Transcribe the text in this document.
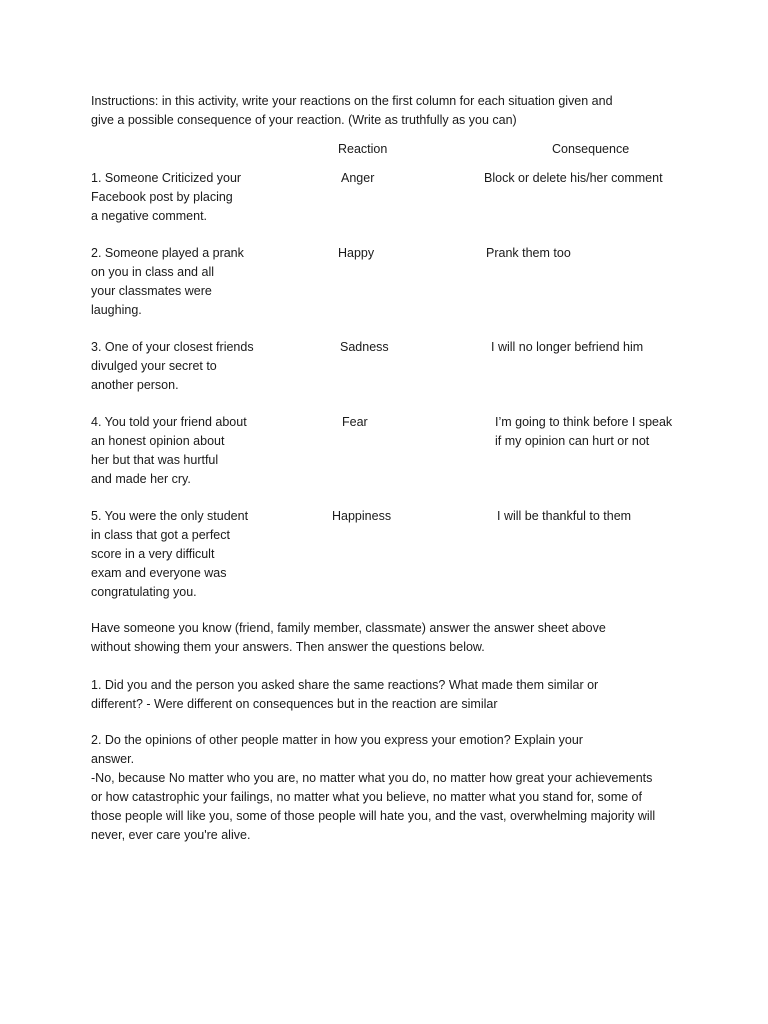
Instructions: in this activity, write your reactions on the first column for each situation given and
give a possible consequence of your reaction. (Write as truthfully as you can)
Reaction	Consequence
1. Someone Criticized your
Facebook post by placing
a negative comment.
Anger	Block or delete his/her comment
2. Someone played a prank
on you in class and all
your classmates were
laughing.
Happy	Prank them too
3. One of your closest friends
divulged your secret to
another person.
Sadness	I will no longer befriend him
4. You told your friend about
an honest opinion about
her but that was hurtful
and made her cry.
Fear	I’m going to think before I speak
if my opinion can hurt or not
5. You were the only student
in class that got a perfect
score in a very difficult
exam and everyone was
congratulating you.
Happiness	I will be thankful to them
Have someone you know (friend, family member, classmate) answer the answer sheet above
without showing them your answers. Then answer the questions below.
1. Did you and the person you asked share the same reactions? What made them similar or
different? - Were different on consequences but in the reaction are similar
2. Do the opinions of other people matter in how you express your emotion? Explain your
answer.
-No, because No matter who you are, no matter what you do, no matter how great your achievements
or how catastrophic your failings, no matter what you believe, no matter what you stand for, some of
those people will like you, some of those people will hate you, and the vast, overwhelming majority will
never, ever care you're alive.
